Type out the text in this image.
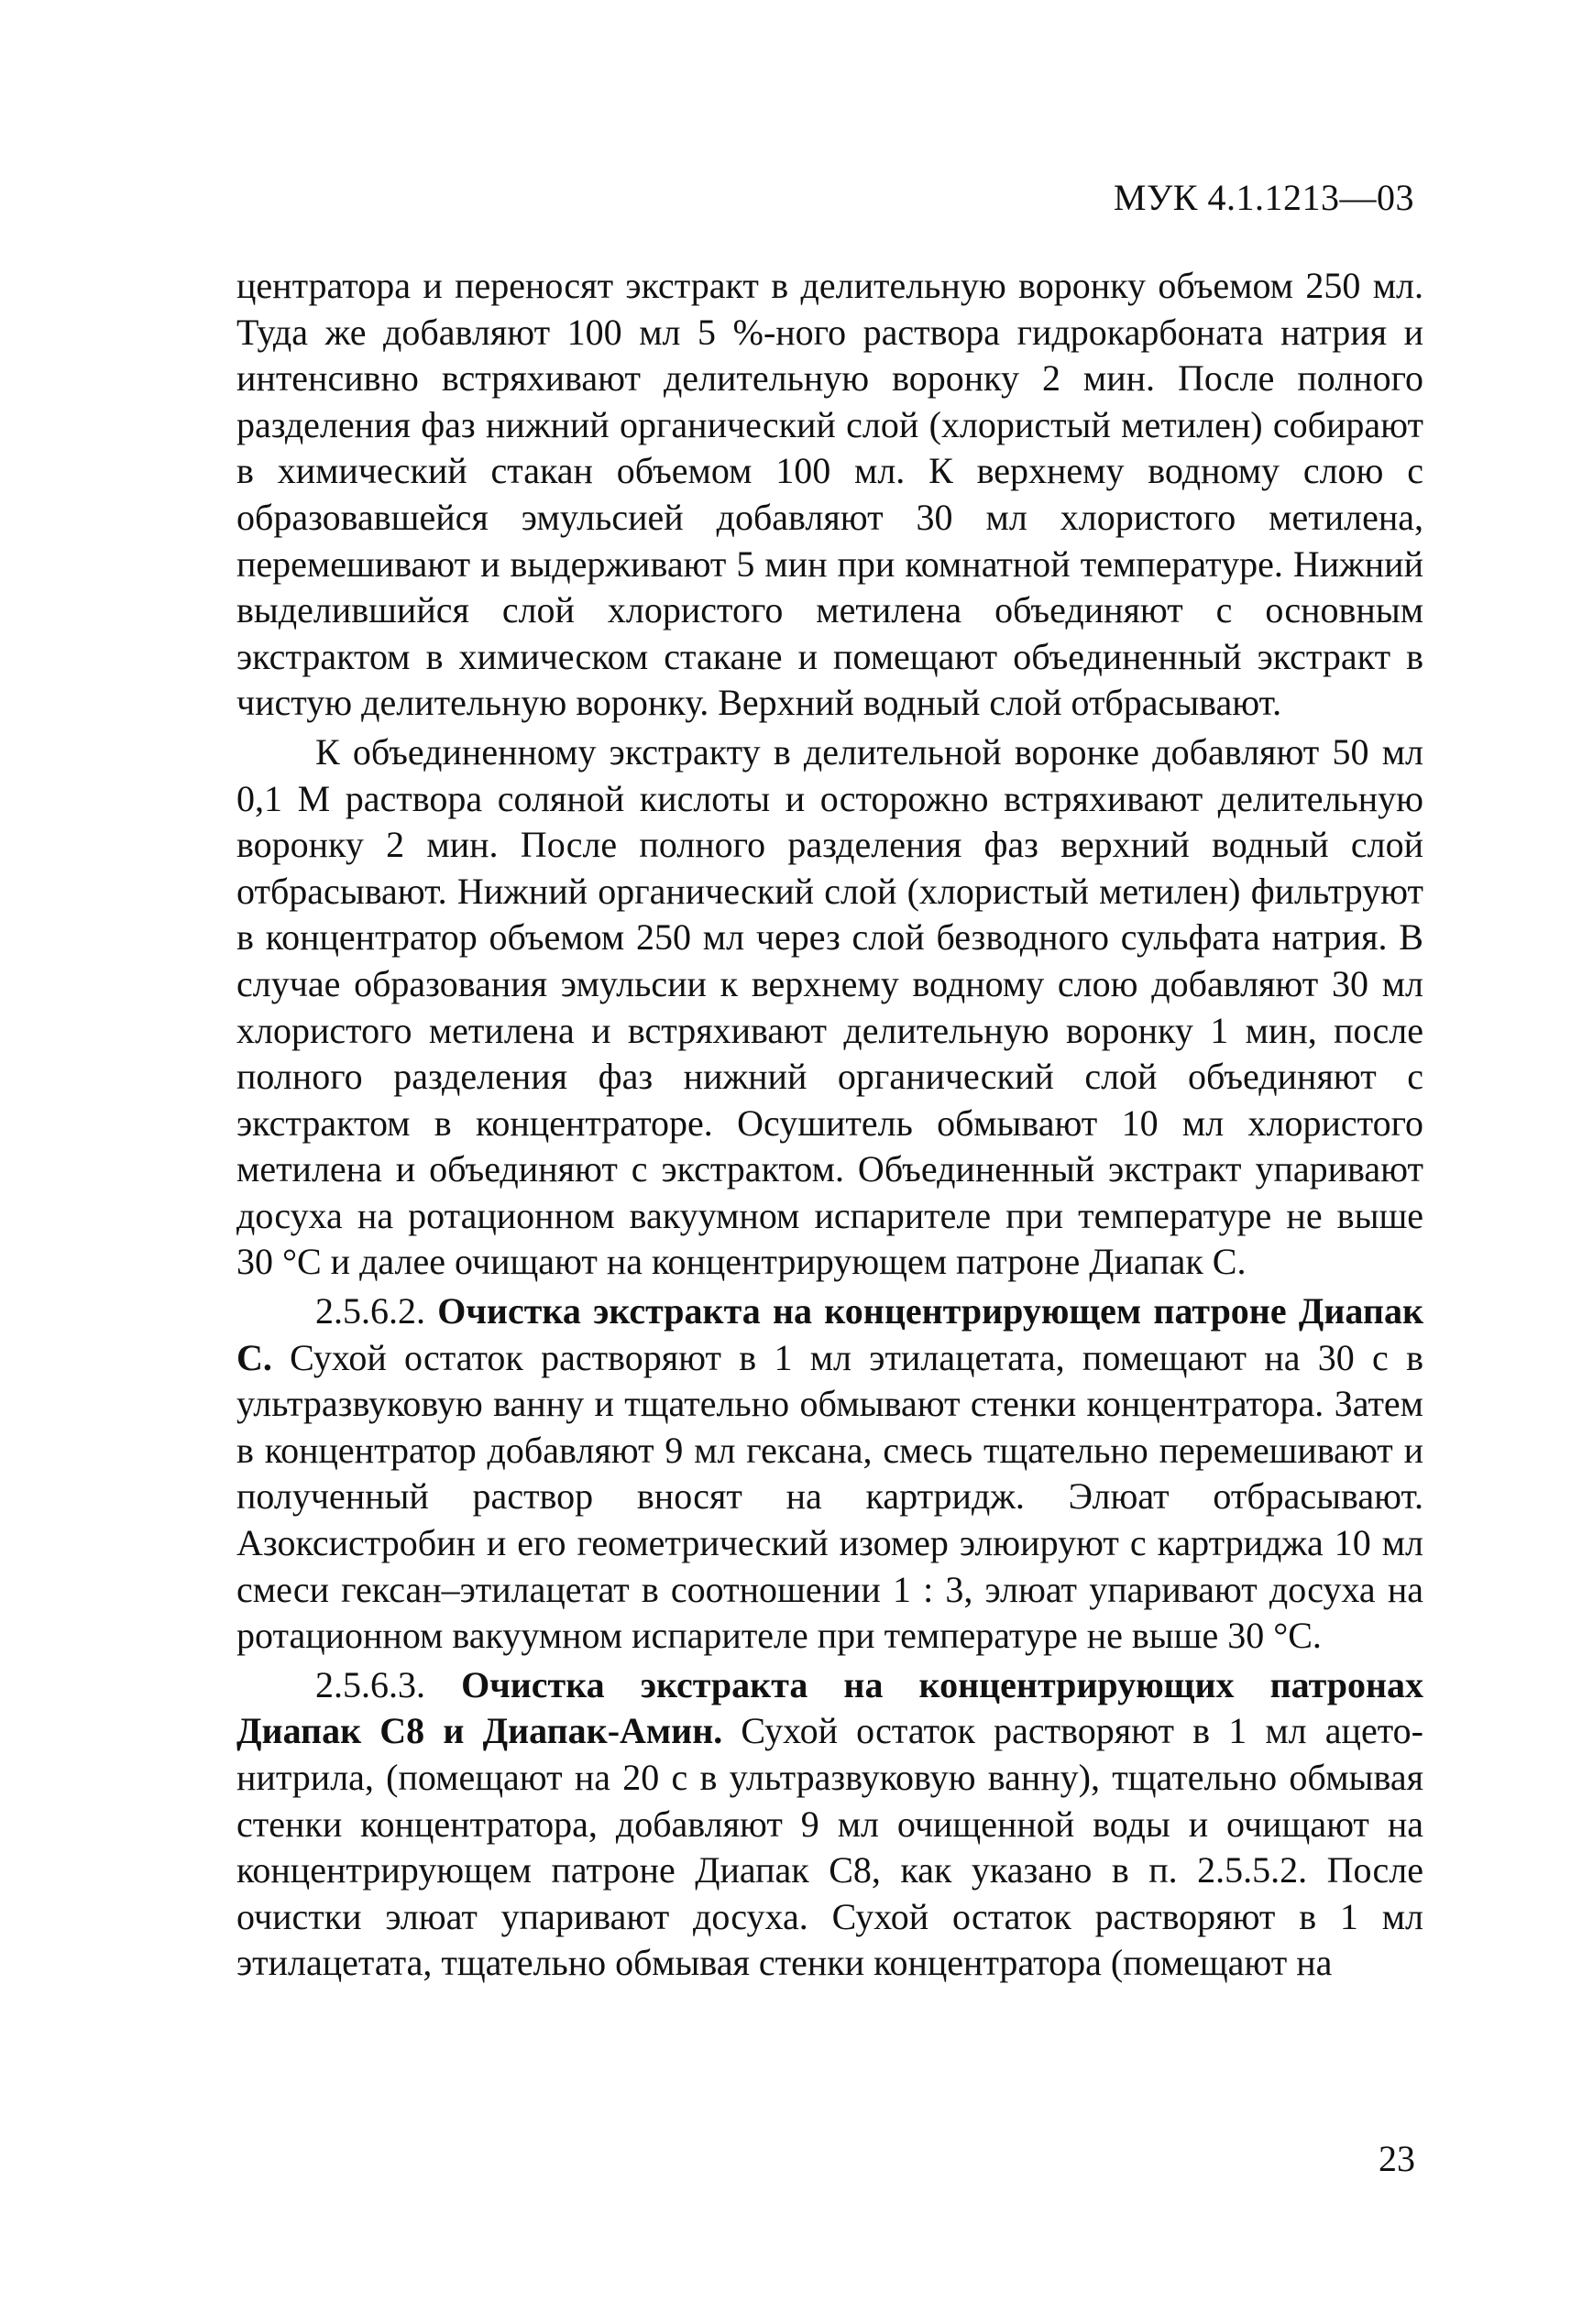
МУК 4.1.1213—03

центратора и переносят экстракт в делительную воронку объемом 250 мл. Туда же добавляют 100 мл 5 %-ного раствора гидрокарбоната натрия и интенсивно встряхивают делительную воронку 2 мин. После полного разделения фаз нижний органический слой (хлористый метилен) собирают в химический стакан объемом 100 мл. К верхнему водному слою с образовавшейся эмульсией добавляют 30 мл хлористого метилена, перемешивают и выдерживают 5 мин при комнатной температуре. Нижний выделившийся слой хлористого метилена объединяют с основным экстрактом в химическом стакане и помещают объединенный экстракт в чистую делительную воронку. Верхний водный слой отбрасывают.

К объединенному экстракту в делительной воронке добавляют 50 мл 0,1 М раствора соляной кислоты и осторожно встряхивают делительную воронку 2 мин. После полного разделения фаз верхний водный слой отбрасывают. Нижний органический слой (хлористый метилен) фильтруют в концентратор объемом 250 мл через слой безводного сульфата натрия. В случае образования эмульсии к верхнему водному слою добавляют 30 мл хлористого метилена и встряхивают делительную воронку 1 мин, после полного разделения фаз нижний органический слой объединяют с экстрактом в концентраторе. Осушитель обмывают 10 мл хлористого метилена и объединяют с экстрактом. Объединенный экстракт упаривают досуха на ротационном вакуумном испарителе при температуре не выше 30 °С и далее очищают на концентрирующем патроне Диапак С.

2.5.6.2. Очистка экстракта на концентрирующем патроне Диапак С. Сухой остаток растворяют в 1 мл этилацетата, помещают на 30 с в ультразвуковую ванну и тщательно обмывают стенки концентратора. Затем в концентратор добавляют 9 мл гексана, смесь тщательно перемешивают и полученный раствор вносят на картридж. Элюат отбрасывают. Азоксистробин и его геометрический изомер элюируют с картриджа 10 мл смеси гексан–этилацетат в соотношении 1 : 3, элюат упаривают досуха на ротационном вакуумном испарителе при температуре не выше 30 °С.

2.5.6.3. Очистка экстракта на концентрирующих патронах Диапак С8 и Диапак-Амин. Сухой остаток растворяют в 1 мл ацетонитрила, (помещают на 20 с в ультразвуковую ванну), тщательно обмывая стенки концентратора, добавляют 9 мл очищенной воды и очищают на концентрирующем патроне Диапак С8, как указано в п. 2.5.5.2. После очистки элюат упаривают досуха. Сухой остаток растворяют в 1 мл этилацетата, тщательно обмывая стенки концентратора (помещают на

23
